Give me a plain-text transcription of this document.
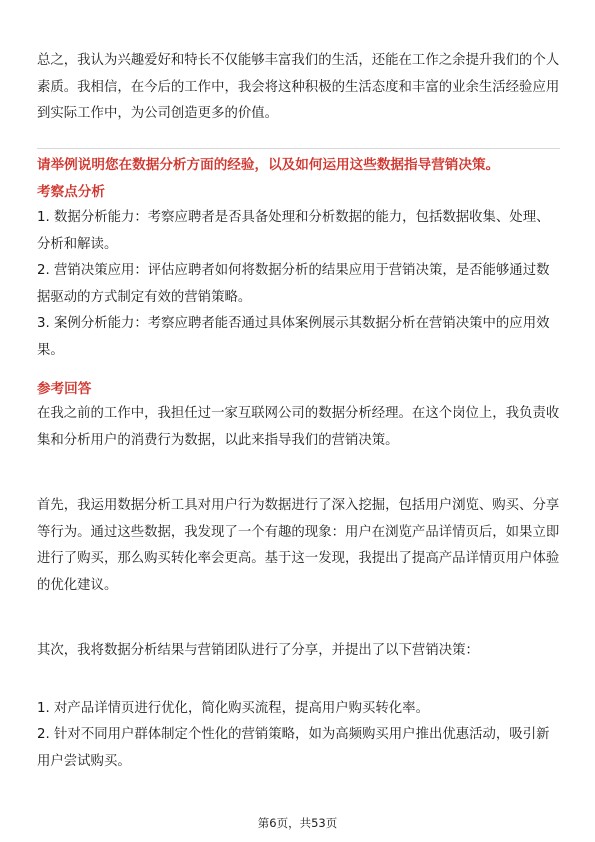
总之，我认为兴趣爱好和特长不仅能够丰富我们的生活，还能在工作之余提升我们的个人素质。我相信，在今后的工作中，我会将这种积极的生活态度和丰富的业余生活经验应用到实际工作中，为公司创造更多的价值。

请举例说明您在数据分析方面的经验，以及如何运用这些数据指导营销决策。

考察点分析

1. 数据分析能力：考察应聘者是否具备处理和分析数据的能力，包括数据收集、处理、分析和解读。

2. 营销决策应用：评估应聘者如何将数据分析的结果应用于营销决策，是否能够通过数据驱动的方式制定有效的营销策略。

3. 案例分析能力：考察应聘者能否通过具体案例展示其数据分析在营销决策中的应用效果。

参考回答

在我之前的工作中，我担任过一家互联网公司的数据分析经理。在这个岗位上，我负责收集和分析用户的消费行为数据，以此来指导我们的营销决策。

首先，我运用数据分析工具对用户行为数据进行了深入挖掘，包括用户浏览、购买、分享等行为。通过这些数据，我发现了一个有趣的现象：用户在浏览产品详情页后，如果立即进行了购买，那么购买转化率会更高。基于这一发现，我提出了提高产品详情页用户体验的优化建议。

其次，我将数据分析结果与营销团队进行了分享，并提出了以下营销决策：

1. 对产品详情页进行优化，简化购买流程，提高用户购买转化率。

2. 针对不同用户群体制定个性化的营销策略，如为高频购买用户推出优惠活动，吸引新用户尝试购买。

第6页，共53页
